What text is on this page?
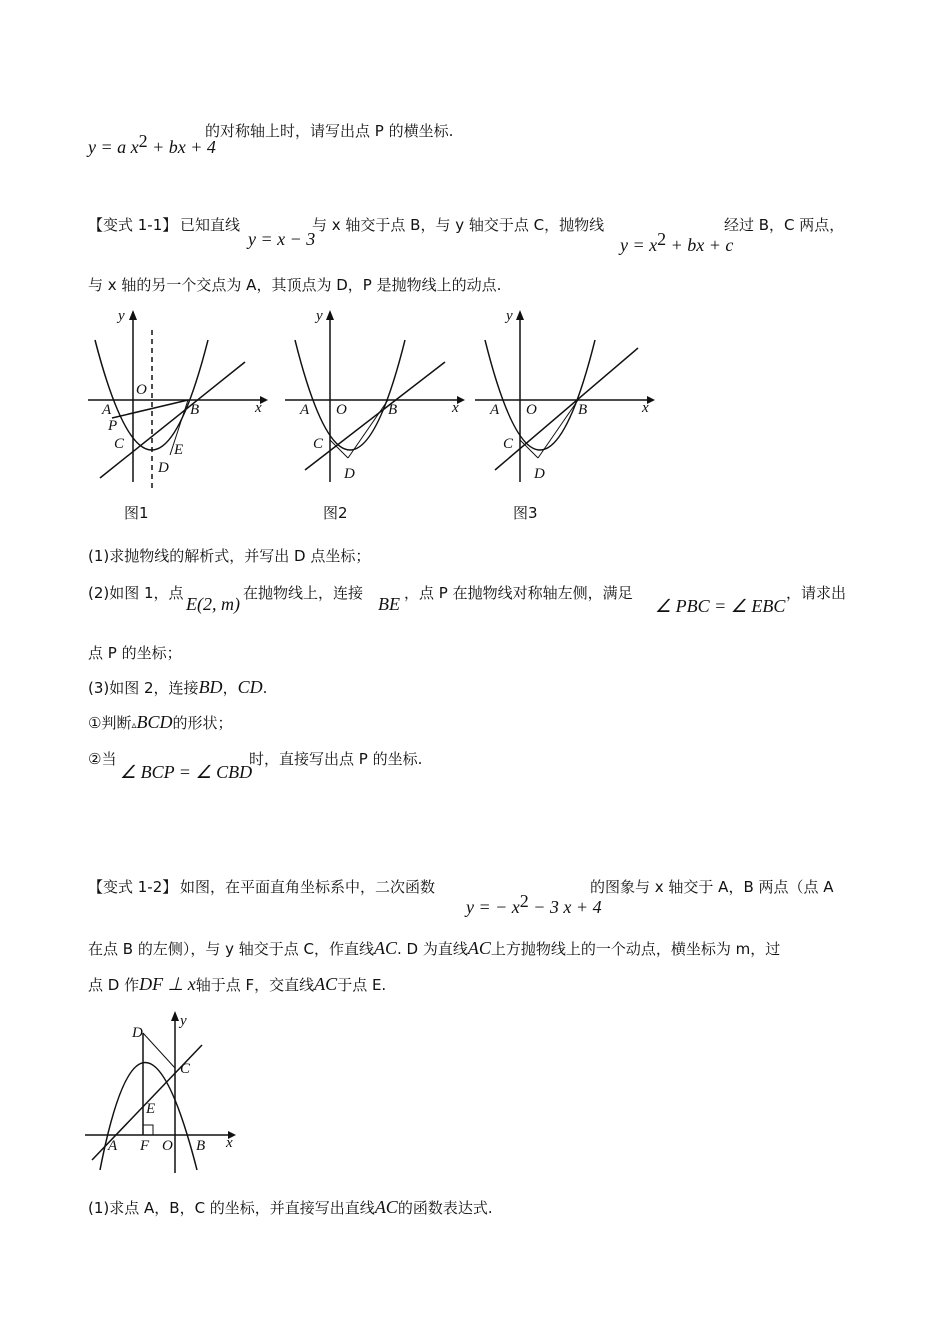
y = a $x^2$ + bx + 4
的对称轴上时，请写出点 P 的横坐标.
【变式 1-1】 已知直线
y = x − 3
与 x 轴交于点 B，与 y 轴交于点 C，抛物线
$y = x^2$ + bx + c
经过 B，C 两点，
与 x 轴的另一个交点为 A，其顶点为 D，P 是抛物线上的动点.
y
x
O
A	B
P
C
D
E
图1
y
x
A O	B
C
D
图2
y
x
A O	B
C
D
图3
(1)求抛物线的解析式，并写出 D 点坐标；
(2)如图 1，点
E(2, m)
在抛物线上，连接
BE
，点 P 在抛物线对称轴左侧，满足
∠ PBC = ∠ EBC
，请求出
点 P 的坐标；
(3)如图 2，连接BD，CD.
①判断▵BCD的形状；
②当
∠ BCP = ∠ CBD
时，直接写出点 P 的坐标.
【变式 1-2】 如图，在平面直角坐标系中，二次函数
y = − $x^2 - 3$ x + 4
的图象与 x 轴交于 A，B 两点（点 A
在点 B 的左侧），与 y 轴交于点 C，作直线AC. D 为直线AC上方抛物线上的一个动点，横坐标为 m，过
点 D 作DF ⊥ x轴于点 F，交直线AC于点 E.
y
x
D
C
E
A F O B
(1)求点 A，B，C 的坐标，并直接写出直线AC的函数表达式.
